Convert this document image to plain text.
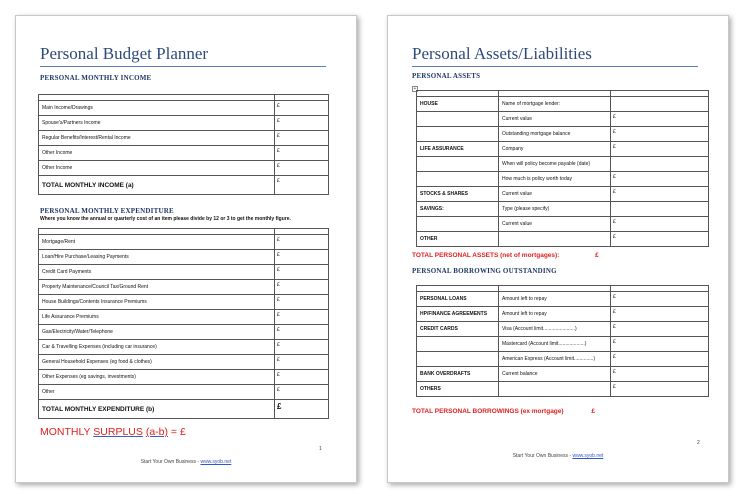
Personal Budget Planner
PERSONAL MONTHLY INCOME

Main Income/Drawings	£
Spouse's/Partners Income	£
Regular Benefits/Interest/Rental Income	£
Other Income	£
Other Income	£
TOTAL MONTHLY INCOME (a)	£
PERSONAL MONTHLY EXPENDITURE
Where you know the annual or quarterly cost of an item please divide by 12 or 3 to get the monthly figure.

Mortgage/Rent	£
Loan/Hire Purchase/Leasing Payments	£
Credit Card Payments	£
Property Maintenance/Council Tax/Ground Rent	£
House Buildings/Contents Insurance Premiums	£
Life Assurance Premiums	£
Gas/Electricity/Water/Telephone	£
Car & Travelling Expenses (including car insurance)	£
General Household Expenses (eg food & clothes)	£
Other Expenses (eg savings, investments)	£
Other	£
TOTAL MONTHLY EXPENDITURE (b)	£
MONTHLY SURPLUS (a-b) = £
1
Start Your Own Business - www.syob.net
Personal Assets/Liabilities
PERSONAL ASSETS
+

HOUSE	Name of mortgage lender:	
	Current value	£
	Outstanding mortgage balance	£
LIFE ASSURANCE	Company	£
	When will policy become payable (date)	
	How much is policy worth today	£
STOCKS & SHARES	Current value	£
SAVINGS:	Type (please specify)	
	Current value	£
OTHER		£
TOTAL PERSONAL ASSETS (net of mortgages):	£
PERSONAL BORROWING OUTSTANDING

PERSONAL LOANS	Amount left to repay	£
HP/FINANCE AGREEMENTS	Amount left to repay	£
CREDIT CARDS	Visa (Account limit.......................)	£
	Mastercard (Account limit...................)	£
	American Express (Account limit..............)	£
BANK OVERDRAFTS	Current balance	£
OTHERS		£
TOTAL PERSONAL BORROWINGS (ex mortgage)	£
2
Start Your Own Business - www.syob.net
